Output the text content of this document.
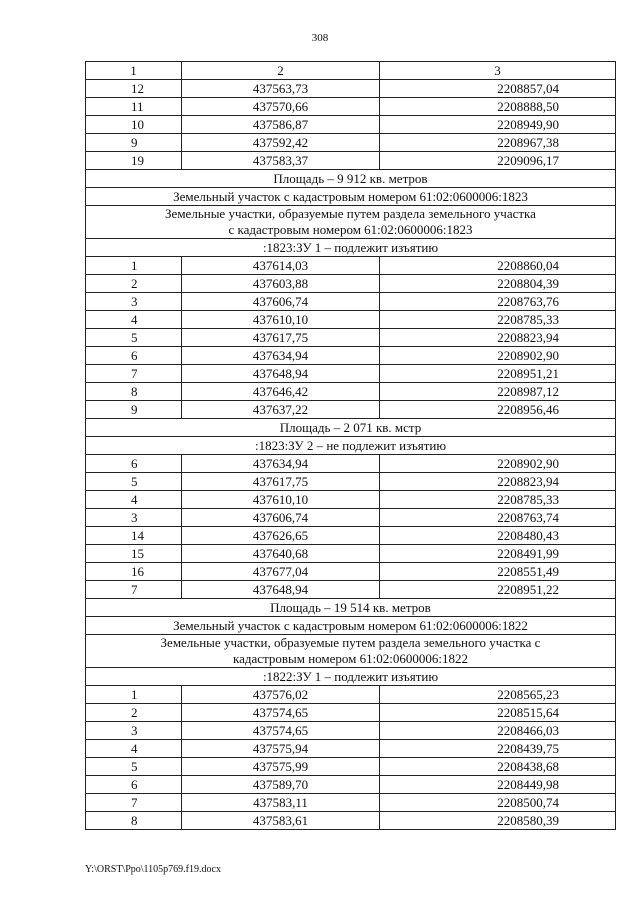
308
1	2	3
12	437563,73	2208857,04
11	437570,66	2208888,50
10	437586,87	2208949,90
9	437592,42	2208967,38
19	437583,37	2209096,17
Площадь – 9 912 кв. метров		
Земельный участок с кадастровым номером 61:02:0600006:1823		

Земельные участки, образуемые путем раздела земельного участка
с кадастровым номером 61:02:0600006:1823		

:1823:ЗУ 1 – подлежит изъятию		
1	437614,03	2208860,04
2	437603,88	2208804,39
3	437606,74	2208763,76
4	437610,10	2208785,33
5	437617,75	2208823,94
6	437634,94	2208902,90
7	437648,94	2208951,21
8	437646,42	2208987,12
9	437637,22	2208956,46
Площадь – 2 071 кв. мстр		
:1823:ЗУ 2 – не подлежит изъятию		
6	437634,94	2208902,90
5	437617,75	2208823,94
4	437610,10	2208785,33
3	437606,74	2208763,74
14	437626,65	2208480,43
15	437640,68	2208491,99
16	437677,04	2208551,49
7	437648,94	2208951,22
Площадь – 19 514 кв. метров		
Земельный участок с кадастровым номером 61:02:0600006:1822		

Земельные участки, образуемые путем раздела земельного участка с
кадастровым номером 61:02:0600006:1822		

:1822:ЗУ 1 – подлежит изъятию		
1	437576,02	2208565,23
2	437574,65	2208515,64
3	437574,65	2208466,03
4	437575,94	2208439,75
5	437575,99	2208438,68
6	437589,70	2208449,98
7	437583,11	2208500,74
8	437583,61	2208580,39
Y:\ORST\Ppo\1105p769.f19.docx
